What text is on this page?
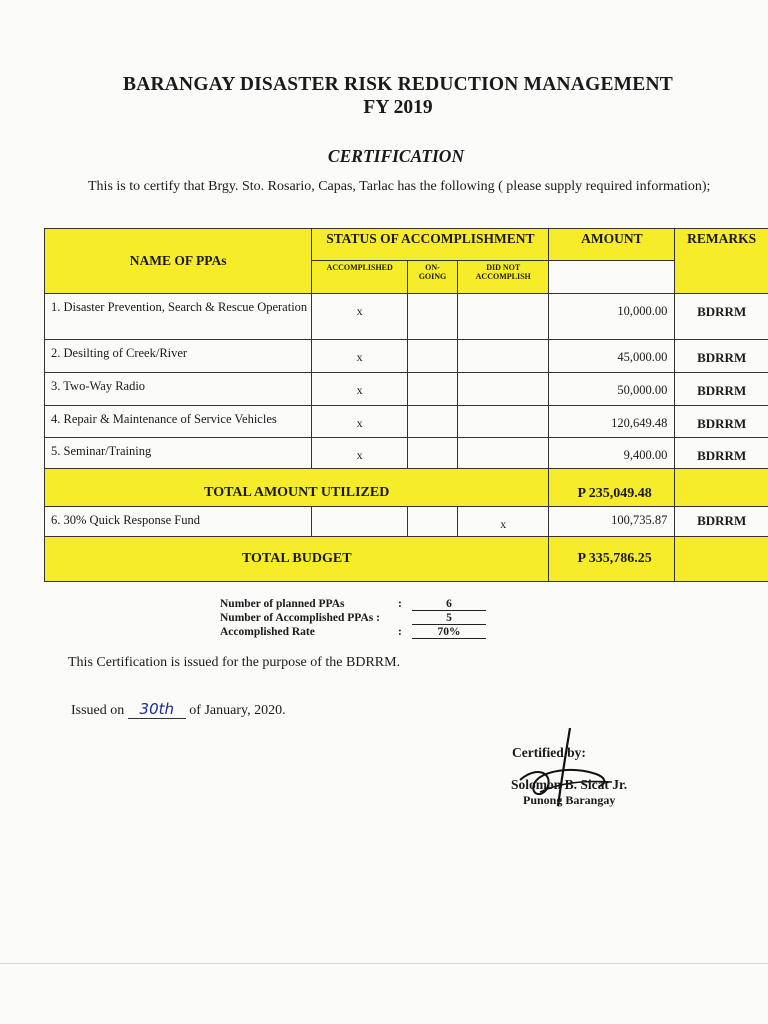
BARANGAY DISASTER RISK REDUCTION MANAGEMENT
FY 2019
CERTIFICATION
This is to certify that Brgy. Sto. Rosario, Capas, Tarlac has the following ( please supply required information);
NAME OF PPAs	STATUS OF ACCOMPLISHMENT			AMOUNT	REMARKS
	ACCOMPLISHED	ON-GOING	DID NOT ACCOMPLISH		
1. Disaster Prevention, Search & Rescue Operation	x			10,000.00	BDRRM
2. Desilting of Creek/River	x			45,000.00	BDRRM
3. Two-Way Radio	x			50,000.00	BDRRM
4. Repair & Maintenance of Service Vehicles	x			120,649.48	BDRRM
5. Seminar/Training	x			9,400.00	BDRRM
TOTAL AMOUNT UTILIZED				P 235,049.48	
6. 30% Quick Response Fund			x	100,735.87	BDRRM
TOTAL BUDGET				P 335,786.25	
Number of planned PPAs	:	6
Number of Accomplished PPAs :	5
Accomplished Rate	:	70%
This Certification is issued for the purpose of the BDRRM.
Issued on 30th of January, 2020.
Certified by:
Solomon B. Sicat Jr.
Punong Barangay
